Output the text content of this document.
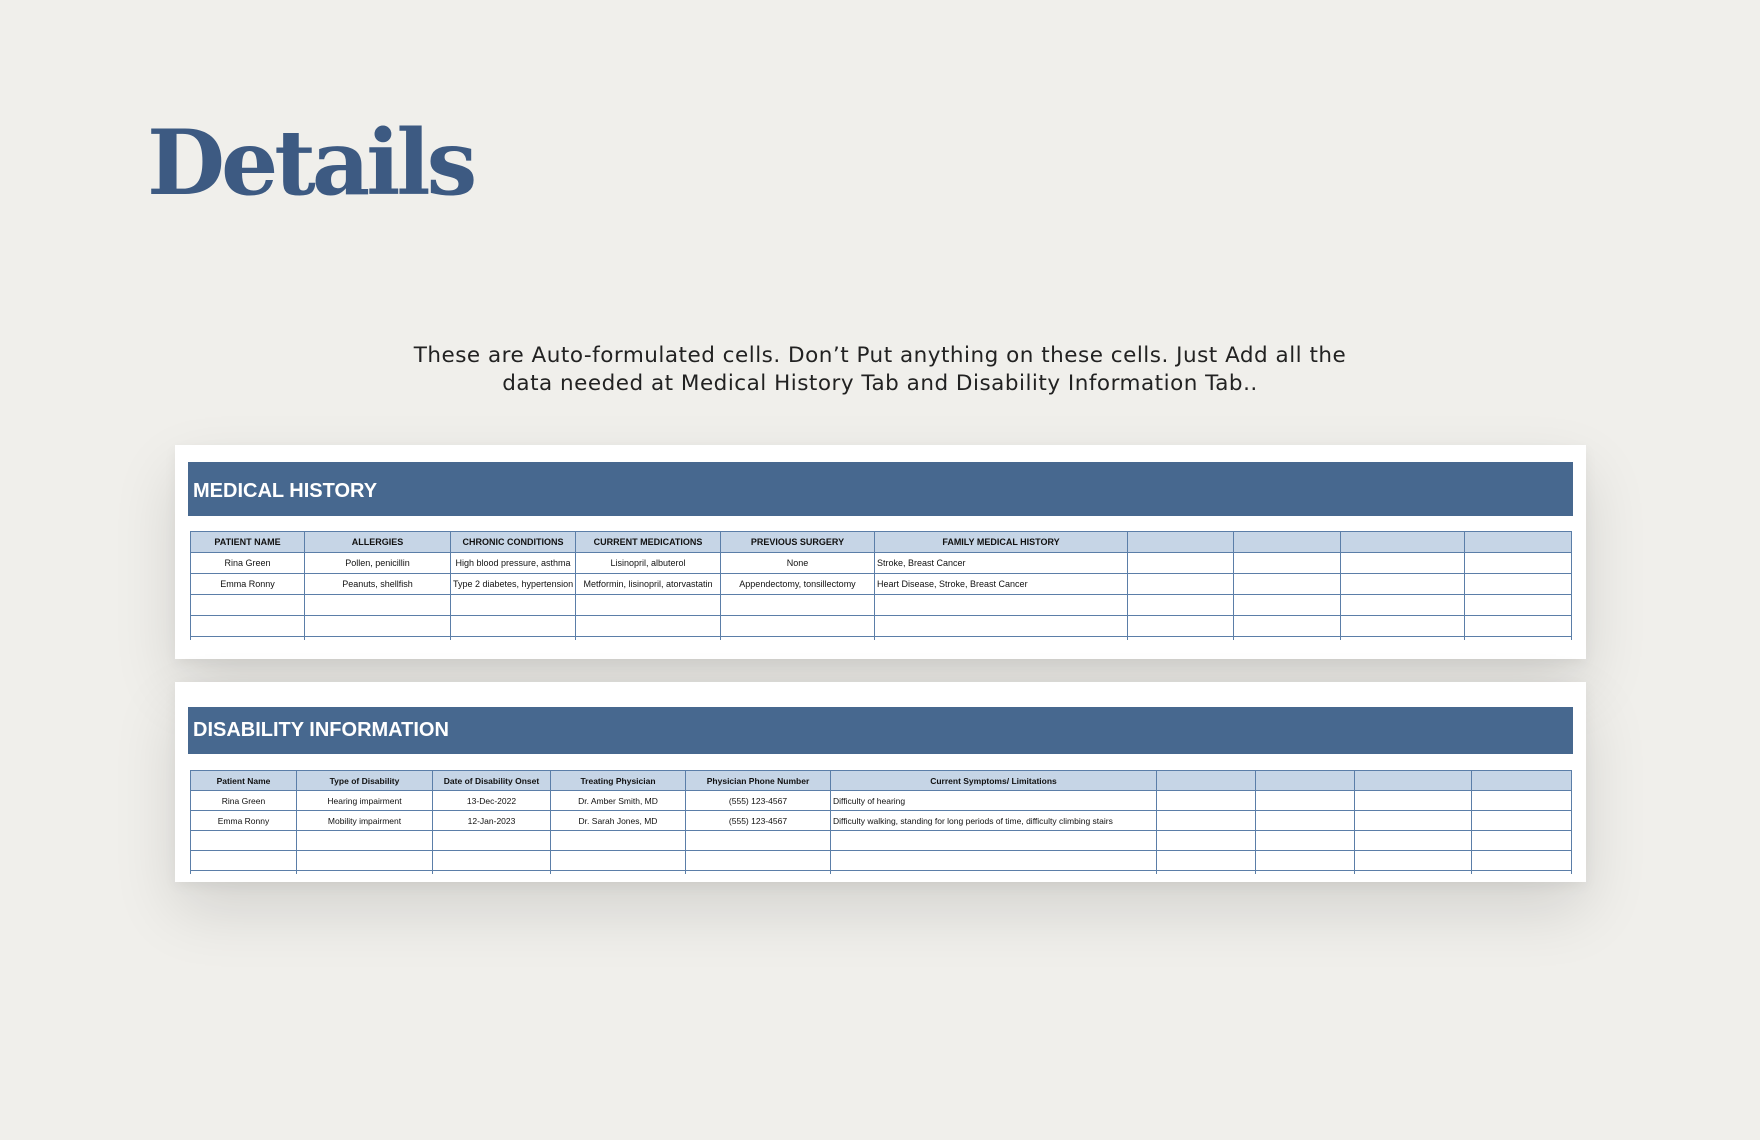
Details
These are Auto-formulated cells. Don’t Put anything on these cells. Just Add all the
data needed at Medical History Tab and Disability Information Tab..
MEDICAL HISTORY
PATIENT NAME	ALLERGIES	CHRONIC CONDITIONS	CURRENT MEDICATIONS	PREVIOUS SURGERY	FAMILY MEDICAL HISTORY				
Rina Green	Pollen, penicillin	High blood pressure, asthma	Lisinopril, albuterol	None	Stroke, Breast Cancer				
Emma Ronny	Peanuts, shellfish	Type 2 diabetes, hypertension	Metformin, lisinopril, atorvastatin	Appendectomy, tonsillectomy	Heart Disease, Stroke, Breast Cancer				

DISABILITY INFORMATION
Patient Name	Type of Disability	Date of Disability Onset	Treating Physician	Physician Phone Number	Current Symptoms/ Limitations				
Rina Green	Hearing impairment	13-Dec-2022	Dr. Amber Smith, MD	(555) 123-4567	Difficulty of hearing				
Emma Ronny	Mobility impairment	12-Jan-2023	Dr. Sarah Jones, MD	(555) 123-4567	Difficulty walking, standing for long periods of time, difficulty climbing stairs				
